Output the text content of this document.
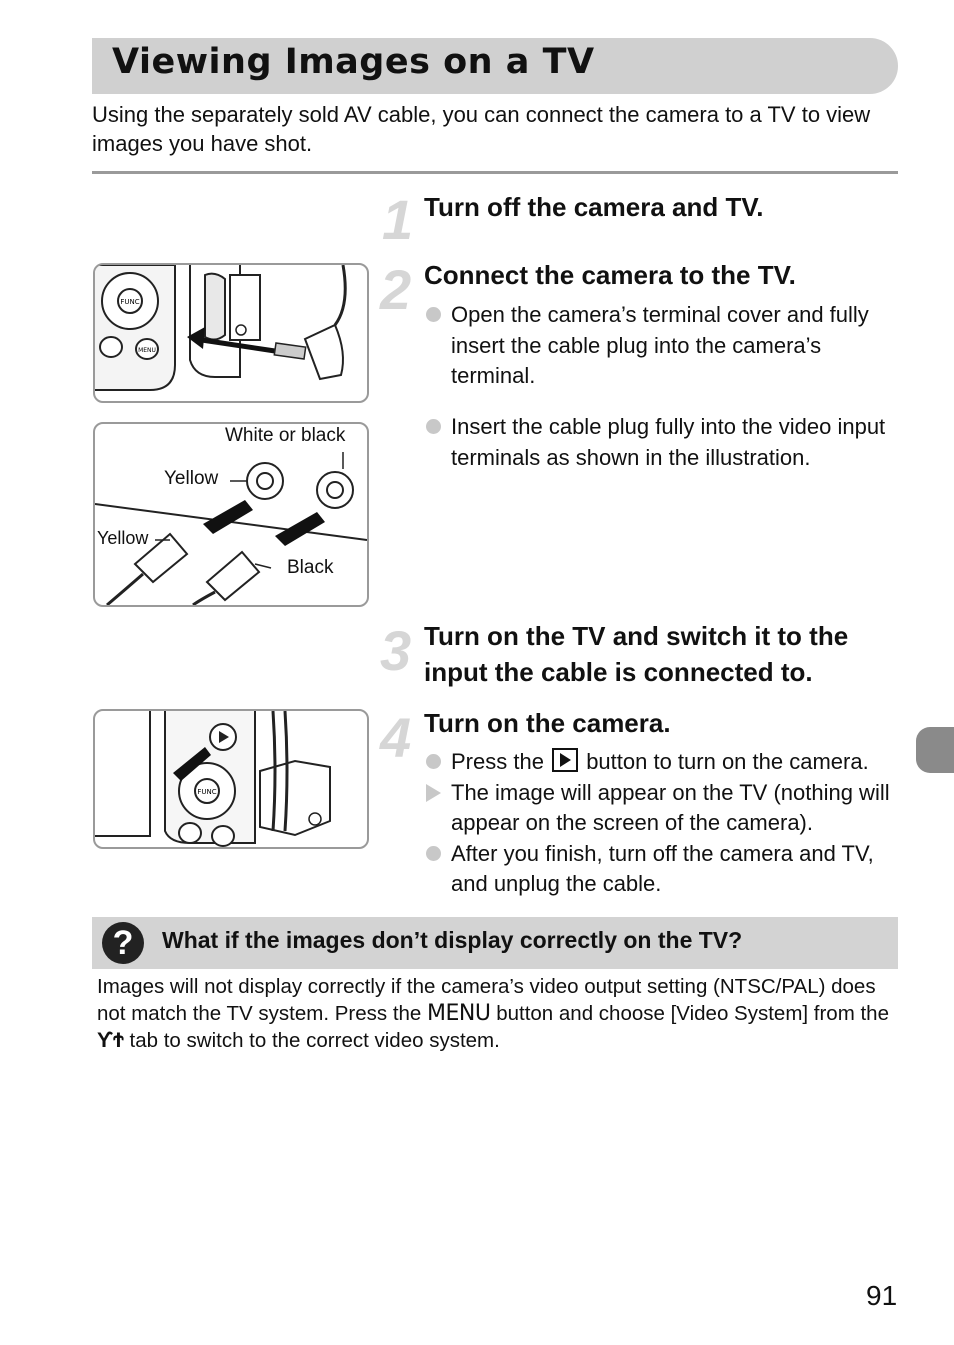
Viewing Images on a TV
Using the separately sold AV cable, you can connect the camera to a TV to view images you have shot.
1 Turn off the camera and TV.
2 Connect the camera to the TV.
Open the camera’s terminal cover and fully insert the cable plug into the camera’s terminal.
Insert the cable plug fully into the video input terminals as shown in the illustration.
3 Turn on the TV and switch it to the
input the cable is connected to.
4 Turn on the camera.
Press the button to turn on the camera.
The image will appear on the TV (nothing will appear on the screen of the camera).
After you finish, turn off the camera and TV, and unplug the cable.
FUNC
MENU
White or black
Yellow
Yellow
Black
FUNC
?	What if the images don’t display correctly on the TV?
Images will not display correctly if the camera’s video output setting (NTSC/PAL) does not match the TV system. Press the MENU button and choose [Video System] from the ϒϮ tab to switch to the correct video system.
91
